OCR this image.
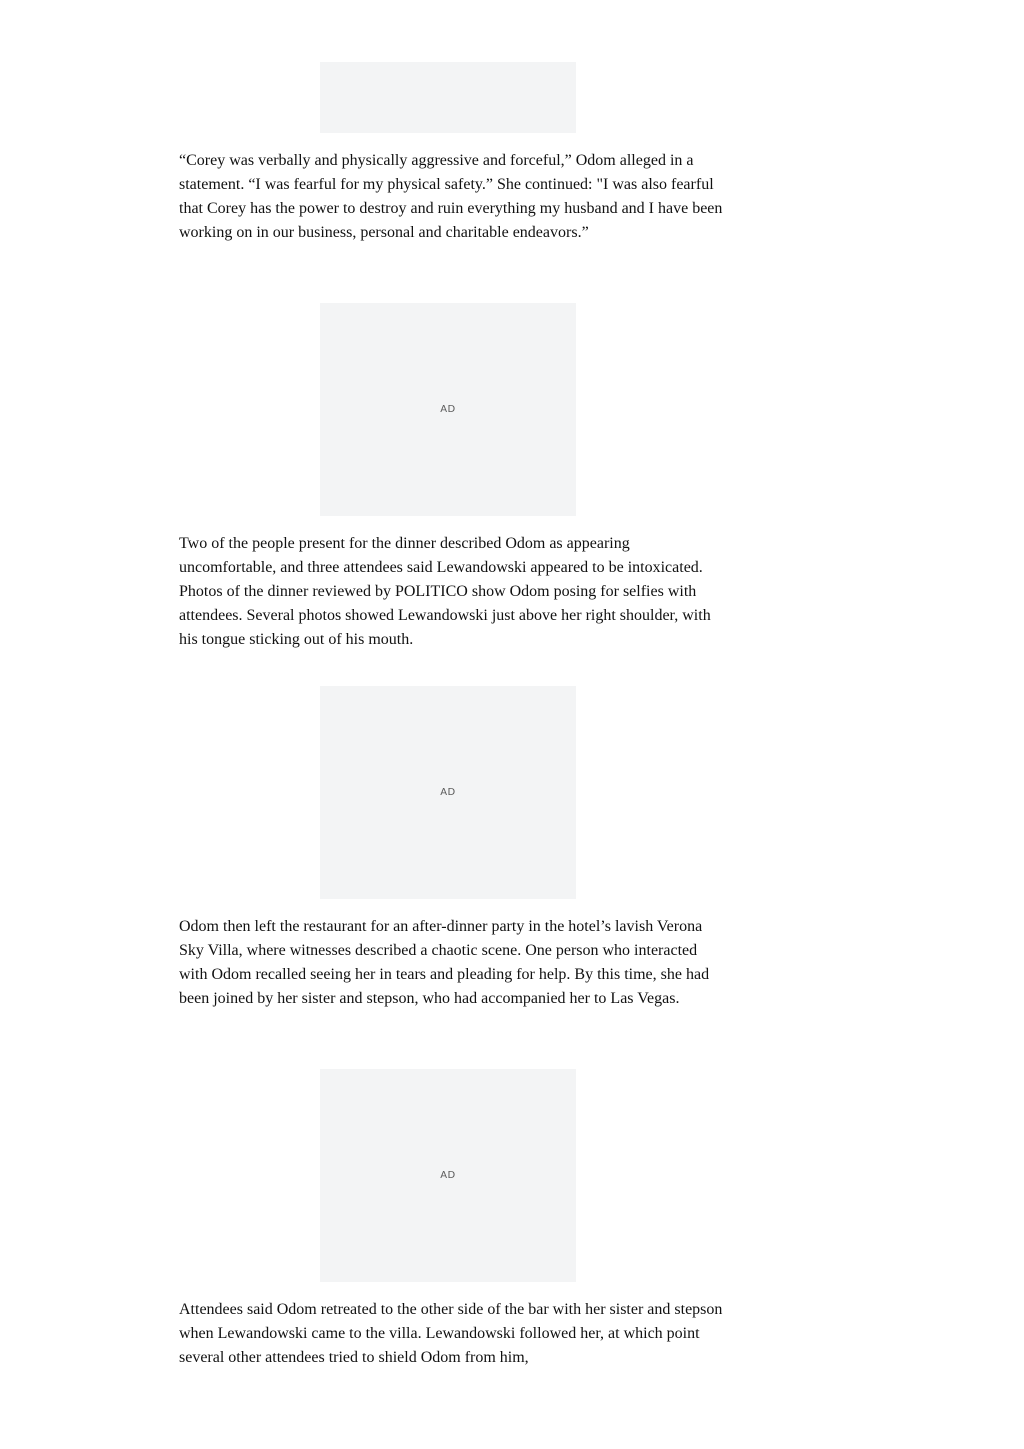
“Corey was verbally and physically aggressive and forceful,” Odom alleged in a statement. “I was fearful for my physical safety.” She continued: "I was also fearful that Corey has the power to destroy and ruin everything my husband and I have been working on in our business, personal and charitable endeavors.”

AD

Two of the people present for the dinner described Odom as appearing uncomfortable, and three attendees said Lewandowski appeared to be intoxicated. Photos of the dinner reviewed by POLITICO show Odom posing for selfies with attendees. Several photos showed Lewandowski just above her right shoulder, with his tongue sticking out of his mouth.

AD

Odom then left the restaurant for an after-dinner party in the hotel’s lavish Verona Sky Villa, where witnesses described a chaotic scene. One person who interacted with Odom recalled seeing her in tears and pleading for help. By this time, she had been joined by her sister and stepson, who had accompanied her to Las Vegas.

AD

Attendees said Odom retreated to the other side of the bar with her sister and stepson when Lewandowski came to the villa. Lewandowski followed her, at which point several other attendees tried to shield Odom from him,
